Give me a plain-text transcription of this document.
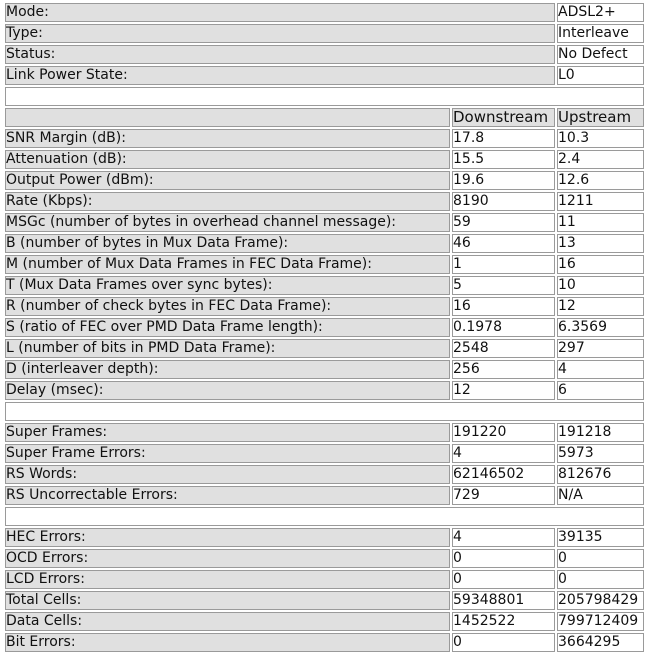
Mode:		ADSL2+
Type:		Interleave
Status:		No Defect
Link Power State:		L0

	Downstream	Upstream
SNR Margin (dB):	17.8	10.3
Attenuation (dB):	15.5	2.4
Output Power (dBm):	19.6	12.6
Rate (Kbps):	8190	1211
MSGc (number of bytes in overhead channel message):	59	11
B (number of bytes in Mux Data Frame):	46	13
M (number of Mux Data Frames in FEC Data Frame):	1	16
T (Mux Data Frames over sync bytes):	5	10
R (number of check bytes in FEC Data Frame):	16	12
S (ratio of FEC over PMD Data Frame length):	0.1978	6.3569
L (number of bits in PMD Data Frame):	2548	297
D (interleaver depth):	256	4
Delay (msec):	12	6

Super Frames:	191220	191218
Super Frame Errors:	4	5973
RS Words:	62146502	812676
RS Uncorrectable Errors:	729	N/A

HEC Errors:	4	39135
OCD Errors:	0	0
LCD Errors:	0	0
Total Cells:	59348801	205798429
Data Cells:	1452522	799712409
Bit Errors:	0	3664295
